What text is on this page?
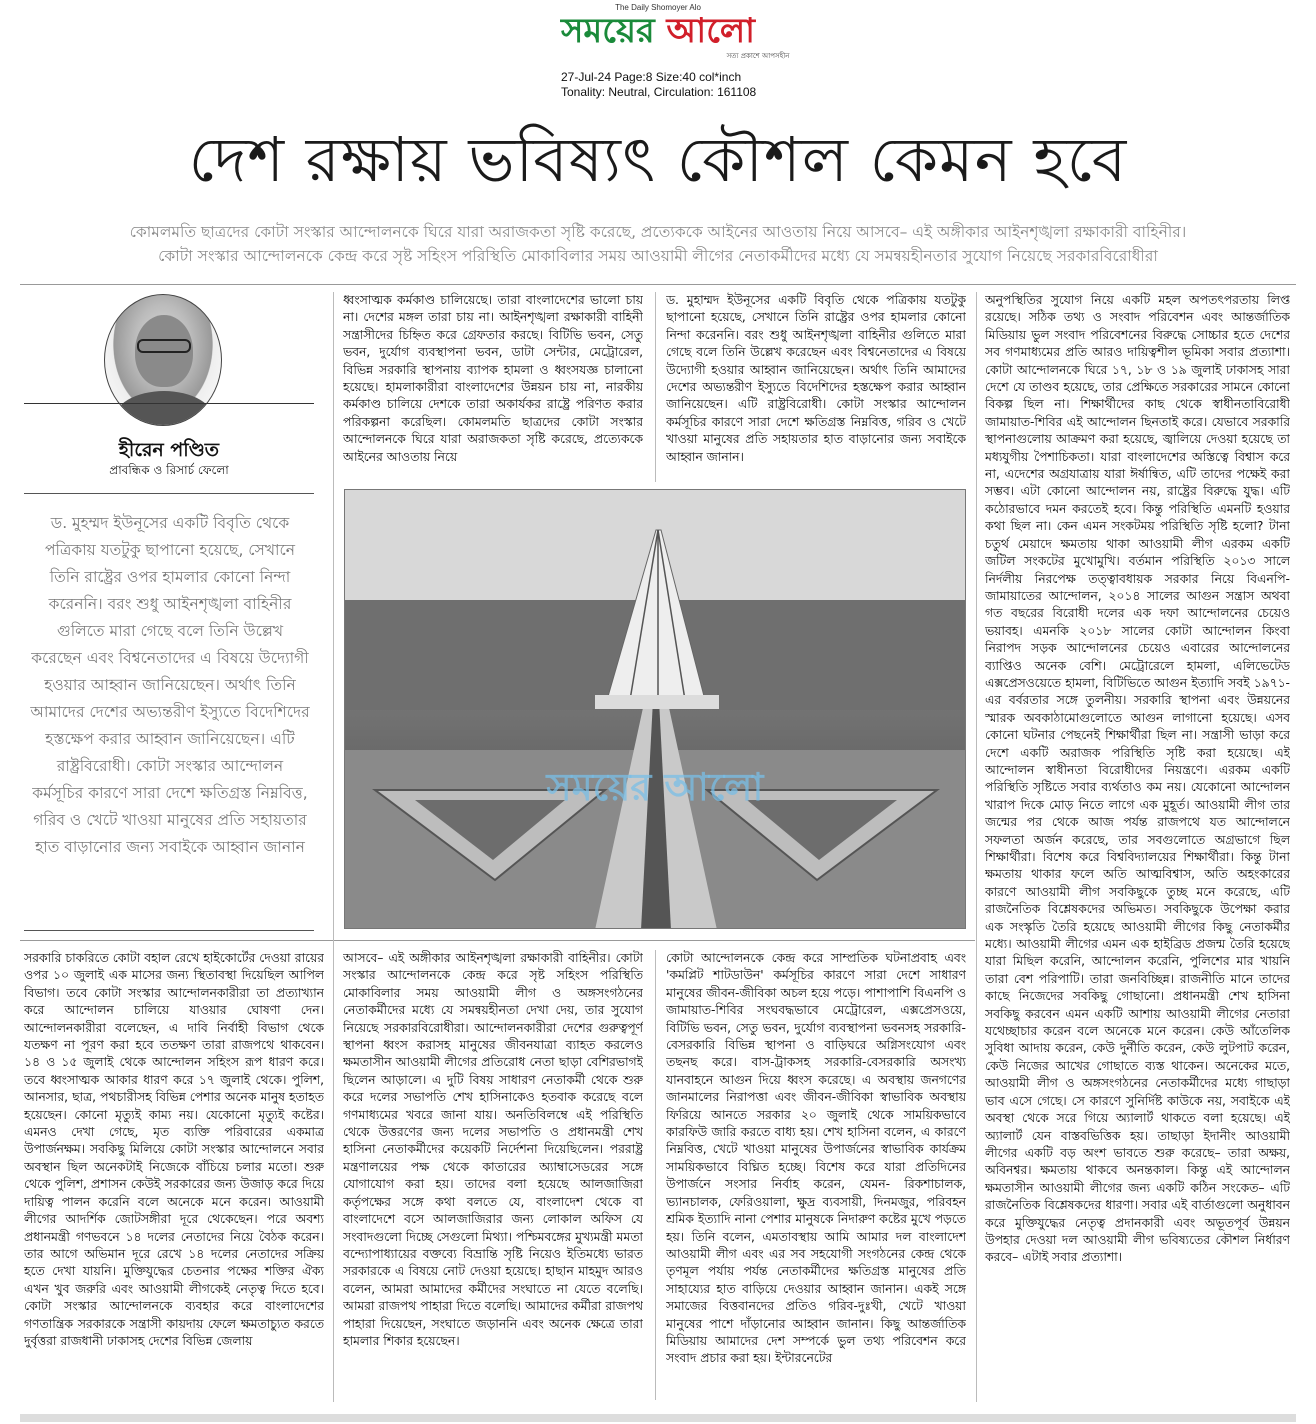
The Daily Shomoyer Alo
সময়ের আলো
সত্য প্রকাশে আপসহীন
27-Jul-24 Page:8 Size:40 col*inch
Tonality: Neutral, Circulation: 161108
দেশ রক্ষায় ভবিষ্যৎ কৌশল কেমন হবে
কোমলমতি ছাত্রদের কোটা সংস্কার আন্দোলনকে ঘিরে যারা অরাজকতা সৃষ্টি করেছে, প্রত্যেককে আইনের আওতায় নিয়ে আসবে– এই অঙ্গীকার আইনশৃঙ্খলা রক্ষাকারী বাহিনীর।
কোটা সংস্কার আন্দোলনকে কেন্দ্র করে সৃষ্ট সহিংস পরিস্থিতি মোকাবিলার সময় আওয়ামী লীগের নেতাকর্মীদের মধ্যে যে সমন্বয়হীনতার সুযোগ নিয়েছে সরকারবিরোধীরা
হীরেন পণ্ডিত
প্রাবন্ধিক ও রিসার্চ ফেলো
ড. মুহম্মদ ইউনূসের একটি বিবৃতি থেকে পত্রিকায় যতটুকু ছাপানো হয়েছে, সেখানে তিনি রাষ্ট্রের ওপর হামলার কোনো নিন্দা করেননি। বরং শুধু আইনশৃঙ্খলা বাহিনীর গুলিতে মারা গেছে বলে তিনি উল্লেখ করেছেন এবং বিশ্বনেতাদের এ বিষয়ে উদ্যোগী হওয়ার আহ্বান জানিয়েছেন। অর্থাৎ তিনি আমাদের দেশের অভ্যন্তরীণ ইস্যুতে বিদেশিদের হস্তক্ষেপ করার আহ্বান জানিয়েছেন। এটি রাষ্ট্রবিরোধী। কোটা সংস্কার আন্দোলন কর্মসূচির কারণে সারা দেশে ক্ষতিগ্রস্ত নিম্নবিত্ত, গরিব ও খেটে খাওয়া মানুষের প্রতি সহায়তার হাত বাড়ানোর জন্য সবাইকে আহ্বান জানান
ধ্বংসাত্মক কর্মকাণ্ড চালিয়েছে। তারা বাংলাদেশের ভালো চায় না। দেশের মঙ্গল তারা চায় না। আইনশৃঙ্খলা রক্ষাকারী বাহিনী সন্ত্রাসীদের চিহ্নিত করে গ্রেফতার করছে। বিটিভি ভবন, সেতু ভবন, দুর্যোগ ব্যবস্থাপনা ভবন, ডাটা সেন্টার, মেট্রোরেল, বিভিন্ন সরকারি স্থাপনায় ব্যাপক হামলা ও ধ্বংসযজ্ঞ চালানো হয়েছে। হামলাকারীরা বাংলাদেশের উন্নয়ন চায় না, নারকীয় কর্মকাণ্ড চালিয়ে দেশকে তারা অকার্যকর রাষ্ট্রে পরিণত করার পরিকল্পনা করেছিল। কোমলমতি ছাত্রদের কোটা সংস্কার আন্দোলনকে ঘিরে যারা অরাজকতা সৃষ্টি করেছে, প্রত্যেককে আইনের আওতায় নিয়ে
ড. মুহাম্মদ ইউনূসের একটি বিবৃতি থেকে পত্রিকায় যতটুকু ছাপানো হয়েছে, সেখানে তিনি রাষ্ট্রের ওপর হামলার কোনো নিন্দা করেননি। বরং শুধু আইনশৃঙ্খলা বাহিনীর গুলিতে মারা গেছে বলে তিনি উল্লেখ করেছেন এবং বিশ্বনেতাদের এ বিষয়ে উদ্যোগী হওয়ার আহ্বান জানিয়েছেন। অর্থাৎ তিনি আমাদের দেশের অভ্যন্তরীণ ইস্যুতে বিদেশিদের হস্তক্ষেপ করার আহ্বান জানিয়েছেন। এটি রাষ্ট্রবিরোধী। কোটা সংস্কার আন্দোলন কর্মসূচির কারণে সারা দেশে ক্ষতিগ্রস্ত নিম্নবিত্ত, গরিব ও খেটে খাওয়া মানুষের প্রতি সহায়তার হাত বাড়ানোর জন্য সবাইকে আহ্বান জানান।
অনুপস্থিতির সুযোগ নিয়ে একটি মহল অপতৎপরতায় লিপ্ত রয়েছে। সঠিক তথ্য ও সংবাদ পরিবেশন এবং আন্তর্জাতিক মিডিয়ায় ভুল সংবাদ পরিবেশনের বিরুদ্ধে সোচ্চার হতে দেশের সব গণমাধ্যমের প্রতি আরও দায়িত্বশীল ভূমিকা সবার প্রত্যাশা। কোটা আন্দোলনকে ঘিরে ১৭, ১৮ ও ১৯ জুলাই ঢাকাসহ সারা দেশে যে তাণ্ডব হয়েছে, তার প্রেক্ষিতে সরকারের সামনে কোনো বিকল্প ছিল না। শিক্ষার্থীদের কাছ থেকে স্বাধীনতাবিরোধী জামায়াত-শিবির এই আন্দোলন ছিনতাই করে। যেভাবে সরকারি স্থাপনাগুলোয় আক্রমণ করা হয়েছে, জ্বালিয়ে দেওয়া হয়েছে তা মধ্যযুগীয় পৈশাচিকতা। যারা বাংলাদেশের অস্তিত্বে বিশ্বাস করে না, এদেশের অগ্রযাত্রায় যারা ঈর্ষান্বিত, এটি তাদের পক্ষেই করা সম্ভব। এটা কোনো আন্দোলন নয়, রাষ্ট্রের বিরুদ্ধে যুদ্ধ। এটি কঠোরভাবে দমন করতেই হবে। কিন্তু পরিস্থিতি এমনটি হওয়ার কথা ছিল না। কেন এমন সংকটময় পরিস্থিতি সৃষ্টি হলো? টানা চতুর্থ মেয়াদে ক্ষমতায় থাকা আওয়ামী লীগ এরকম একটি জটিল সংকটের মুখোমুখি। বর্তমান পরিস্থিতি ২০১৩ সালে নির্দলীয় নিরপেক্ষ তত্ত্বাবধায়ক সরকার নিয়ে বিএনপি-জামায়াতের আন্দোলন, ২০১৪ সালের আগুন সন্ত্রাস অথবা গত বছরের বিরোধী দলের এক দফা আন্দোলনের চেয়েও ভয়াবহ। এমনকি ২০১৮ সালের কোটা আন্দোলন কিংবা নিরাপদ সড়ক আন্দোলনের চেয়েও এবারের আন্দোলনের ব্যাপ্তিও অনেক বেশি। মেট্রোরেলে হামলা, এলিভেটেড এক্সপ্রেসওয়েতে হামলা, বিটিভিতে আগুন ইত্যাদি সবই ১৯৭১-এর বর্বরতার সঙ্গে তুলনীয়। সরকারি স্থাপনা এবং উন্নয়নের স্মারক অবকাঠামোগুলোতে আগুন লাগানো হয়েছে। এসব কোনো ঘটনার পেছনেই শিক্ষার্থীরা ছিল না। সন্ত্রাসী ভাড়া করে দেশে একটি অরাজক পরিস্থিতি সৃষ্টি করা হয়েছে। এই আন্দোলন স্বাধীনতা বিরোধীদের নিয়ন্ত্রণে। এরকম একটি পরিস্থিতি সৃষ্টিতে সবার ব্যর্থতাও কম নয়। যেকোনো আন্দোলন খারাপ দিকে মোড় নিতে লাগে এক মুহূর্ত। আওয়ামী লীগ তার জন্মের পর থেকে আজ পর্যন্ত রাজপথে যত আন্দোলনে সফলতা অর্জন করেছে, তার সবগুলোতে অগ্রভাগে ছিল শিক্ষার্থীরা। বিশেষ করে বিশ্ববিদ্যালয়ের শিক্ষার্থীরা। কিন্তু টানা ক্ষমতায় থাকার ফলে অতি আত্মবিশ্বাস, অতি অহংকারের কারণে আওয়ামী লীগ সবকিছুকে তুচ্ছ মনে করেছে, এটি রাজনৈতিক বিশ্লেষকদের অভিমত। সবকিছুকে উপেক্ষা করার এক সংস্কৃতি তৈরি হয়েছে আওয়ামী লীগের কিছু নেতাকর্মীর মধ্যে। আওয়ামী লীগের এমন এক হাইব্রিড প্রজন্ম তৈরি হয়েছে যারা মিছিল করেনি, আন্দোলন করেনি, পুলিশের মার খায়নি তারা বেশ পরিপাটি। তারা জনবিচ্ছিন্ন। রাজনীতি মানে তাদের কাছে নিজেদের সবকিছু গোছানো। প্রধানমন্ত্রী শেখ হাসিনা সবকিছু করবেন এমন একটি আশায় আওয়ামী লীগের নেতারা যথেচ্ছাচার করেন বলে অনেকে মনে করেন। কেউ আঁতেলিক সুবিধা আদায় করেন, কেউ দুর্নীতি করেন, কেউ লুটপাট করেন, কেউ নিজের আখের গোছাতে ব্যস্ত থাকেন। অনেকের মতে, আওয়ামী লীগ ও অঙ্গসংগঠনের নেতাকর্মীদের মধ্যে গাছাড়া ভাব এসে গেছে। সে কারণে সুনির্দিষ্ট কাউকে নয়, সবাইকে এই অবস্থা থেকে সরে গিয়ে অ্যালার্ট থাকতে বলা হয়েছে। এই অ্যালার্ট যেন বাস্তবভিত্তিক হয়। তাছাড়া ইদানীং আওয়ামী লীগের একটি বড় অংশ ভাবতে শুরু করেছে– তারা অক্ষয়, অবিনশ্বর। ক্ষমতায় থাকবে অনন্তকাল। কিন্তু এই আন্দোলন ক্ষমতাসীন আওয়ামী লীগের জন্য একটি কঠিন সংকেত– এটি রাজনৈতিক বিশ্লেষকদের ধারণা। সবার এই বার্তাগুলো অনুধাবন করে মুক্তিযুদ্ধের নেতৃত্ব প্রদানকারী এবং অভূতপূর্ব উন্নয়ন উপহার দেওয়া দল আওয়ামী লীগ ভবিষ্যতের কৌশল নির্ধারণ করবে– এটাই সবার প্রত্যাশা।
সময়ের আলো
সরকারি চাকরিতে কোটা বহাল রেখে হাইকোর্টের দেওয়া রায়ের ওপর ১০ জুলাই এক মাসের জন্য স্থিতাবস্থা দিয়েছিল আপিল বিভাগ। তবে কোটা সংস্কার আন্দোলনকারীরা তা প্রত্যাখ্যান করে আন্দোলন চালিয়ে যাওয়ার ঘোষণা দেন। আন্দোলনকারীরা বলেছেন, এ দাবি নির্বাহী বিভাগ থেকে যতক্ষণ না পূরণ করা হবে ততক্ষণ তারা রাজপথে থাকবেন। ১৪ ও ১৫ জুলাই থেকে আন্দোলন সহিংস রূপ ধারণ করে। তবে ধ্বংসাত্মক আকার ধারণ করে ১৭ জুলাই থেকে। পুলিশ, আনসার, ছাত্র, পথচারীসহ বিভিন্ন পেশার অনেক মানুষ হতাহত হয়েছেন। কোনো মৃত্যুই কাম্য নয়। যেকোনো মৃত্যুই কষ্টের। এমনও দেখা গেছে, মৃত ব্যক্তি পরিবারের একমাত্র উপার্জনক্ষম। সবকিছু মিলিয়ে কোটা সংস্কার আন্দোলনে সবার অবস্থান ছিল অনেকটাই নিজেকে বাঁচিয়ে চলার মতো। শুরু থেকে পুলিশ, প্রশাসন কেউই সরকারের জন্য উজাড় করে দিয়ে দায়িত্ব পালন করেনি বলে অনেকে মনে করেন। আওয়ামী লীগের আদর্শিক জোটসঙ্গীরা দূরে থেকেছেন। পরে অবশ্য প্রধানমন্ত্রী গণভবনে ১৪ দলের নেতাদের নিয়ে বৈঠক করেন। তার আগে অভিমান দূরে রেখে ১৪ দলের নেতাদের সক্রিয় হতে দেখা যায়নি। মুক্তিযুদ্ধের চেতনার পক্ষের শক্তির ঐক্য এখন খুব জরুরি এবং আওয়ামী লীগকেই নেতৃত্ব দিতে হবে। কোটা সংস্কার আন্দোলনকে ব্যবহার করে বাংলাদেশের গণতান্ত্রিক সরকারকে সন্ত্রাসী কায়দায় ফেলে ক্ষমতাচ্যুত করতে দুর্বৃত্তরা রাজধানী ঢাকাসহ দেশের বিভিন্ন জেলায়
আসবে– এই অঙ্গীকার আইনশৃঙ্খলা রক্ষাকারী বাহিনীর। কোটা সংস্কার আন্দোলনকে কেন্দ্র করে সৃষ্ট সহিংস পরিস্থিতি মোকাবিলার সময় আওয়ামী লীগ ও অঙ্গসংগঠনের নেতাকর্মীদের মধ্যে যে সমন্বয়হীনতা দেখা দেয়, তার সুযোগ নিয়েছে সরকারবিরোধীরা। আন্দোলনকারীরা দেশের গুরুত্বপূর্ণ স্থাপনা ধ্বংস করাসহ মানুষের জীবনযাত্রা ব্যাহত করলেও ক্ষমতাসীন আওয়ামী লীগের প্রতিরোধ নেতা ছাড়া বেশিরভাগই ছিলেন আড়ালে। এ দুটি বিষয় সাধারণ নেতাকর্মী থেকে শুরু করে দলের সভাপতি শেখ হাসিনাকেও হতবাক করেছে বলে গণমাধ্যমের খবরে জানা যায়। অনতিবিলম্বে এই পরিস্থিতি থেকে উত্তরণের জন্য দলের সভাপতি ও প্রধানমন্ত্রী শেখ হাসিনা নেতাকর্মীদের কয়েকটি নির্দেশনা দিয়েছিলেন। পররাষ্ট্র মন্ত্রণালয়ের পক্ষ থেকে কাতারের অ্যাম্বাসেডরের সঙ্গে যোগাযোগ করা হয়। তাদের বলা হয়েছে আলজাজিরা কর্তৃপক্ষের সঙ্গে কথা বলতে যে, বাংলাদেশ থেকে বা বাংলাদেশে বসে আলজাজিরার জন্য লোকাল অফিস যে সংবাদগুলো দিচ্ছে সেগুলো মিথ্যা। পশ্চিমবঙ্গের মুখ্যমন্ত্রী মমতা বন্দ্যোপাধ্যায়ের বক্তব্যে বিভ্রান্তি সৃষ্টি নিয়েও ইতিমধ্যে ভারত সরকারকে এ বিষয়ে নোট দেওয়া হয়েছে। হাছান মাহমুদ আরও বলেন, আমরা আমাদের কর্মীদের সংঘাতে না যেতে বলেছি। আমরা রাজপথ পাহারা দিতে বলেছি। আমাদের কর্মীরা রাজপথ পাহারা দিয়েছেন, সংঘাতে জড়াননি এবং অনেক ক্ষেত্রে তারা হামলার শিকার হয়েছেন।
কোটা আন্দোলনকে কেন্দ্র করে সাম্প্রতিক ঘটনাপ্রবাহ এবং 'কমপ্লিট শাটডাউন' কর্মসূচির কারণে সারা দেশে সাধারণ মানুষের জীবন-জীবিকা অচল হয়ে পড়ে। পাশাপাশি বিএনপি ও জামায়াত-শিবির সংঘবদ্ধভাবে মেট্রোরেল, এক্সপ্রেসওয়ে, বিটিভি ভবন, সেতু ভবন, দুর্যোগ ব্যবস্থাপনা ভবনসহ সরকারি-বেসরকারি বিভিন্ন স্থাপনা ও বাড়িঘরে অগ্নিসংযোগ এবং তছনছ করে। বাস-ট্রাকসহ সরকারি-বেসরকারি অসংখ্য যানবাহনে আগুন দিয়ে ধ্বংস করেছে। এ অবস্থায় জনগণের জানমালের নিরাপত্তা এবং জীবন-জীবিকা স্বাভাবিক অবস্থায় ফিরিয়ে আনতে সরকার ২০ জুলাই থেকে সাময়িকভাবে কারফিউ জারি করতে বাধ্য হয়। শেখ হাসিনা বলেন, এ কারণে নিম্নবিত্ত, খেটে খাওয়া মানুষের উপার্জনের স্বাভাবিক কার্যক্রম সাময়িকভাবে বিঘ্নিত হচ্ছে। বিশেষ করে যারা প্রতিদিনের উপার্জনে সংসার নির্বাহ করেন, যেমন- রিকশাচালক, ভ্যানচালক, ফেরিওয়ালা, ক্ষুদ্র ব্যবসায়ী, দিনমজুর, পরিবহন শ্রমিক ইত্যাদি নানা পেশার মানুষকে নিদারুণ কষ্টের মুখে পড়তে হয়। তিনি বলেন, এমতাবস্থায় আমি আমার দল বাংলাদেশ আওয়ামী লীগ এবং এর সব সহযোগী সংগঠনের কেন্দ্র থেকে তৃণমূল পর্যায় পর্যন্ত নেতাকর্মীদের ক্ষতিগ্রস্ত মানুষের প্রতি সাহায্যের হাত বাড়িয়ে দেওয়ার আহ্বান জানান। একই সঙ্গে সমাজের বিত্তবানদের প্রতিও গরিব-দুঃখী, খেটে খাওয়া মানুষের পাশে দাঁড়ানোর আহ্বান জানান। কিছু আন্তর্জাতিক মিডিয়ায় আমাদের দেশ সম্পর্কে ভুল তথ্য পরিবেশন করে সংবাদ প্রচার করা হয়। ইন্টারনেটের
